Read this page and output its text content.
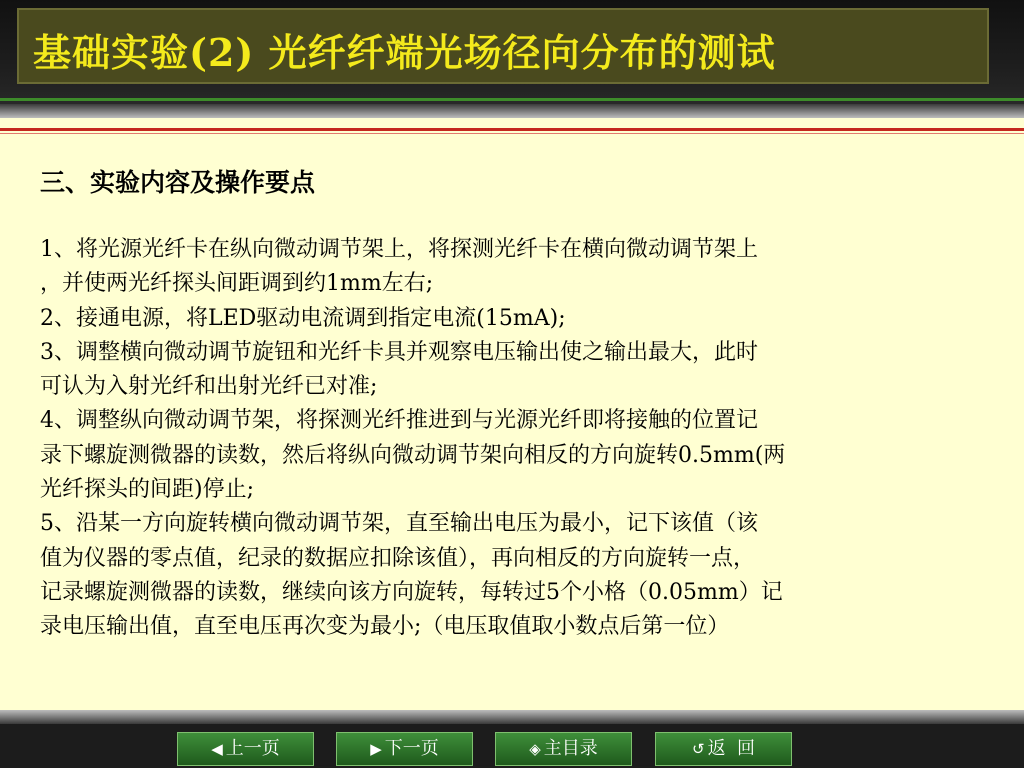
基础实验(2) 光纤纤端光场径向分布的测试
三、实验内容及操作要点
1、将光源光纤卡在纵向微动调节架上，将探测光纤卡在横向微动调节架上
，并使两光纤探头间距调到约1mm左右;
2、接通电源，将LED驱动电流调到指定电流(15mA);
3、调整横向微动调节旋钮和光纤卡具并观察电压输出使之输出最大，此时
可认为入射光纤和出射光纤已对准;
4、调整纵向微动调节架，将探测光纤推进到与光源光纤即将接触的位置记
录下螺旋测微器的读数，然后将纵向微动调节架向相反的方向旋转0.5mm(两
光纤探头的间距)停止;
5、沿某一方向旋转横向微动调节架，直至输出电压为最小，记下该值（该
值为仪器的零点值，纪录的数据应扣除该值），再向相反的方向旋转一点，
记录螺旋测微器的读数，继续向该方向旋转，每转过5个小格（0.05mm）记
录电压输出值，直至电压再次变为最小;（电压取值取小数点后第一位）
◀ 上一页	▶ 下一页	◈ 主目录	↺ 返  回
